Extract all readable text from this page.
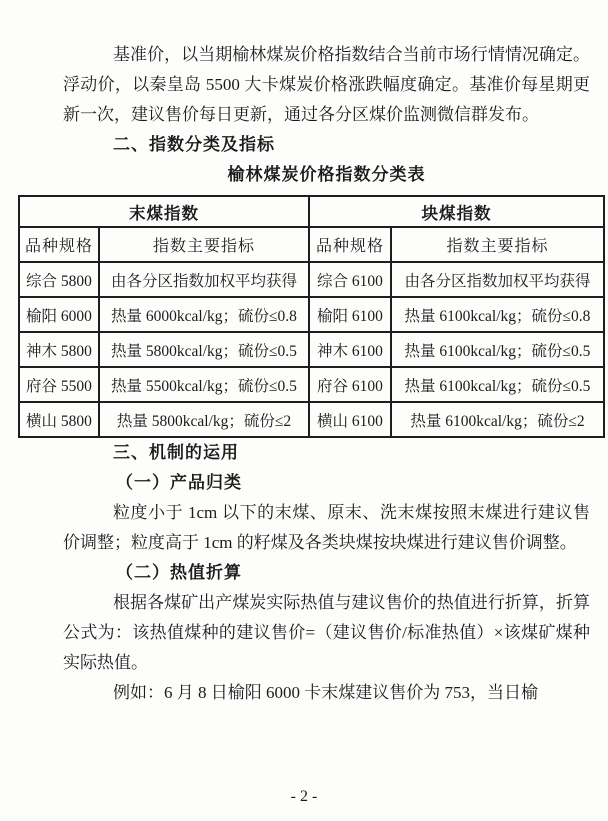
基准价，以当期榆林煤炭价格指数结合当前市场行情情况确定。浮动价，以秦皇岛 5500 大卡煤炭价格涨跌幅度确定。基准价每星期更新一次，建议售价每日更新，通过各分区煤价监测微信群发布。

二、指数分类及指标

榆林煤炭价格指数分类表

末煤指数		块煤指数	
品种规格	指数主要指标	品种规格	指数主要指标
综合 5800	由各分区指数加权平均获得	综合 6100	由各分区指数加权平均获得
榆阳 6000	热量 6000kcal/kg；硫份≤0.8	榆阳 6100	热量 6100kcal/kg；硫份≤0.8
神木 5800	热量 5800kcal/kg；硫份≤0.5	神木 6100	热量 6100kcal/kg；硫份≤0.5
府谷 5500	热量 5500kcal/kg；硫份≤0.5	府谷 6100	热量 6100kcal/kg；硫份≤0.5
横山 5800	热量 5800kcal/kg；硫份≤2	横山 6100	热量 6100kcal/kg；硫份≤2

三、机制的运用

（一）产品归类

粒度小于 1cm 以下的末煤、原末、洗末煤按照末煤进行建议售价调整；粒度高于 1cm 的籽煤及各类块煤按块煤进行建议售价调整。

（二）热值折算

根据各煤矿出产煤炭实际热值与建议售价的热值进行折算，折算公式为：该热值煤种的建议售价=（建议售价/标准热值）×该煤矿煤种实际热值。

例如：6 月 8 日榆阳 6000 卡末煤建议售价为 753，当日榆

- 2 -
